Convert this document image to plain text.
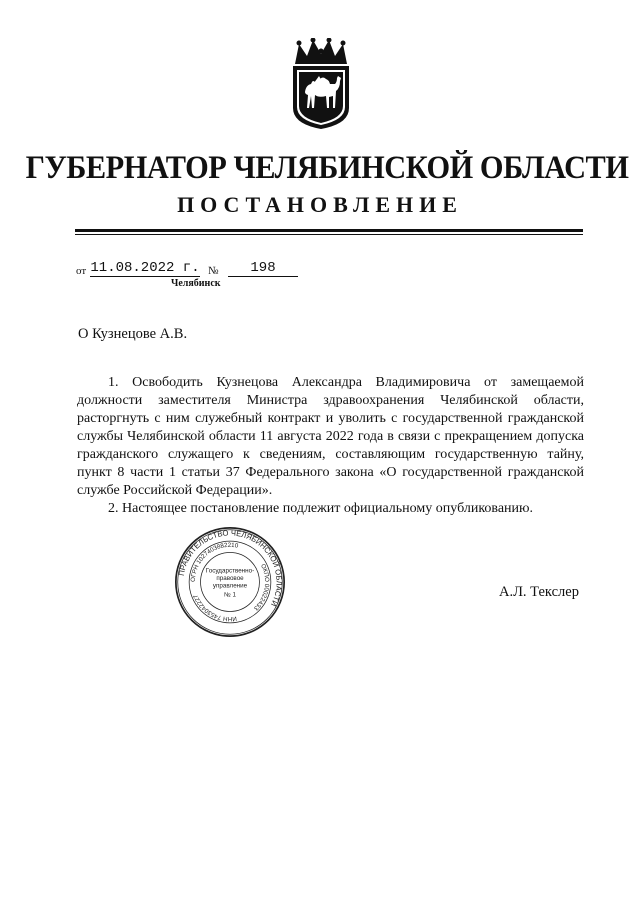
ГУБЕРНАТОР ЧЕЛЯБИНСКОЙ ОБЛАСТИ
ПОСТАНОВЛЕНИЕ
от 11.08.2022 г. №	198
Челябинск
О Кузнецове А.В.

1. Освободить Кузнецова Александра Владимировича от замещаемой должности заместителя Министра здравоохранения Челябинской области, расторгнуть с ним служебный контракт и уволить с государственной гражданской службы Челябинской области 11 августа 2022 года в связи с прекращением допуска гражданского служащего к сведениям, составляющим государственную тайну, пункт 8 части 1 статьи 37 Федерального закона «О государственной гражданской службе Российской Федерации».

2. Настоящее постановление подлежит официальному опубликованию.

ПРАВИТЕЛЬСТВО ЧЕЛЯБИНСКОЙ ОБЛАСТИ
ОГРН 1027403882210
ОКПО 00022433
ИНН 7453042227
Государственно-
правовое
управление
№ 1	А.Л. Текслер
